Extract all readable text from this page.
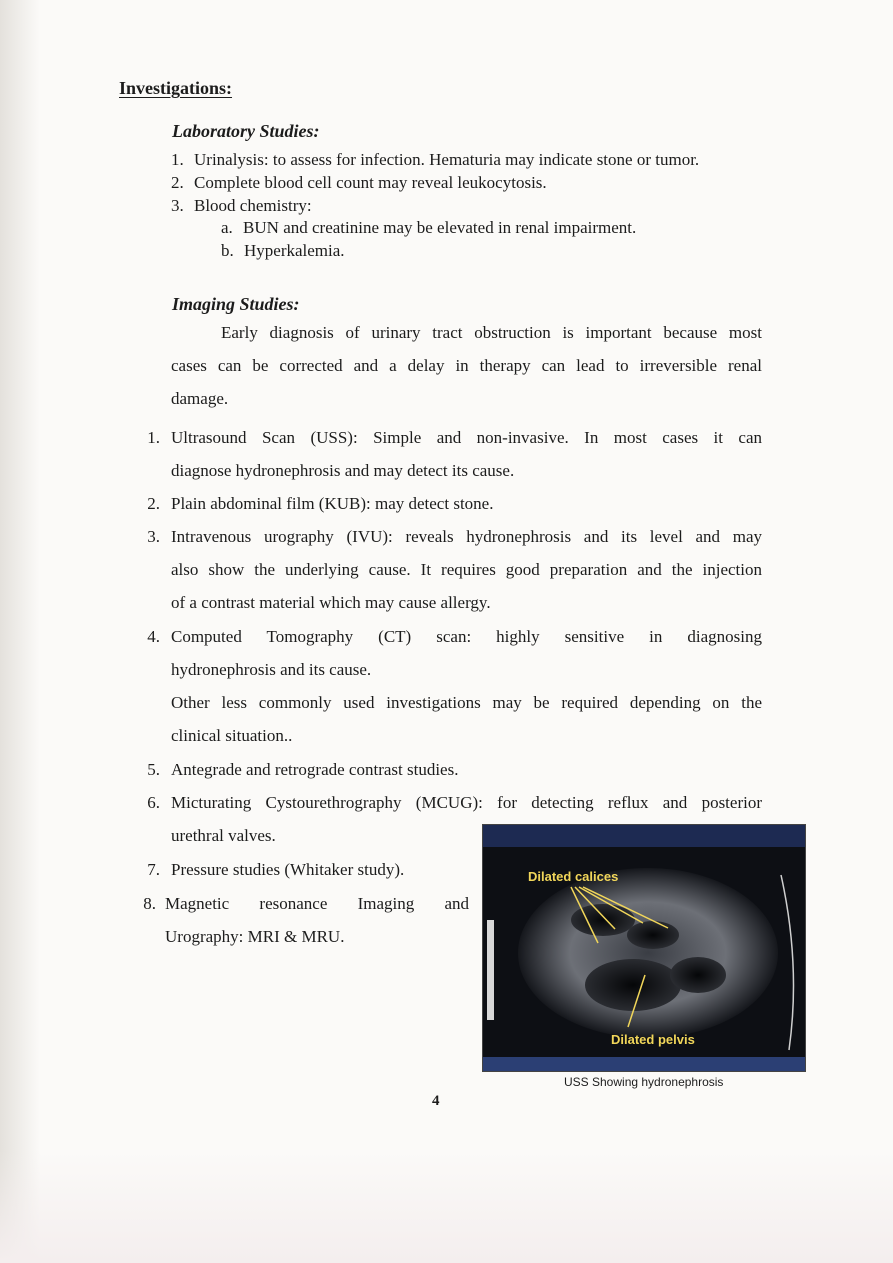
Investigations:
Laboratory Studies:
1. Urinalysis: to assess for infection. Hematuria may indicate stone or tumor.
2. Complete blood cell count may reveal leukocytosis.
3. Blood chemistry:
a. BUN and creatinine may be elevated in renal impairment.
b. Hyperkalemia.
Imaging Studies:
Early diagnosis of urinary tract obstruction is important because most
cases can be corrected and a delay in therapy can lead to irreversible renal
damage.
1. Ultrasound Scan (USS): Simple and non-invasive. In most cases it can
diagnose hydronephrosis and may detect its cause.
2. Plain abdominal film (KUB): may detect stone.
3. Intravenous urography (IVU): reveals hydronephrosis and its level and may
also show the underlying cause. It requires good preparation and the injection
of a contrast material which may cause allergy.
4. Computed Tomography (CT) scan: highly sensitive in diagnosing
hydronephrosis and its cause.
Other less commonly used investigations may be required depending on the
clinical situation..
5. Antegrade and retrograde contrast studies.
6. Micturating Cystourethrography (MCUG): for detecting reflux and posterior
urethral valves.
7. Pressure studies (Whitaker study).
8. Magnetic resonance Imaging and
Urography: MRI & MRU.
Dilated calices
Dilated pelvis
USS Showing hydronephrosis
4
